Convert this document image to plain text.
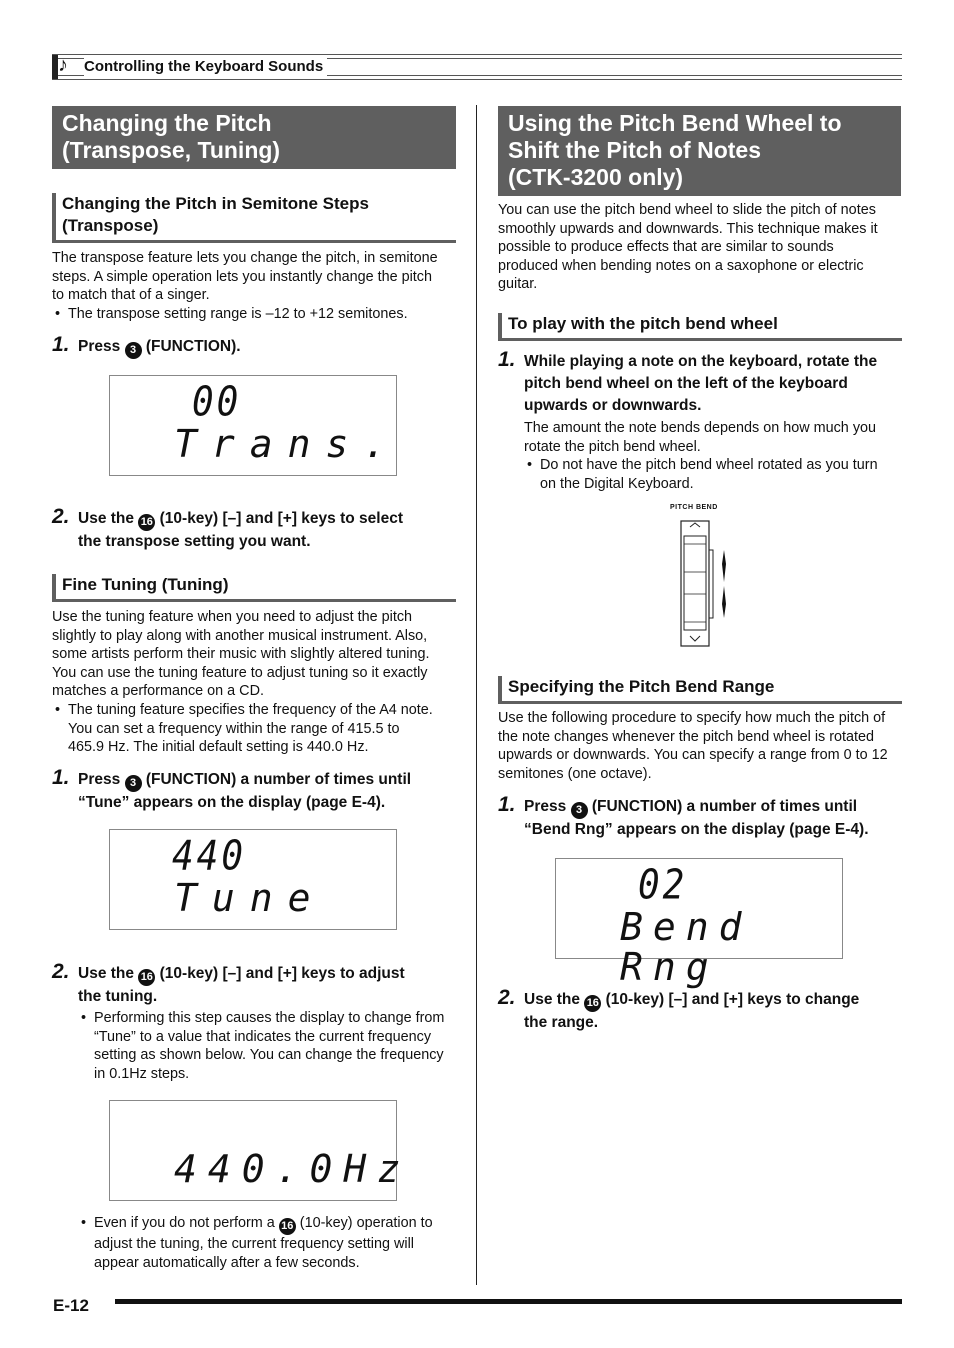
♪ Controlling the Keyboard Sounds
Changing the Pitch
(Transpose, Tuning)
Changing the Pitch in Semitone Steps
(Transpose)
The transpose feature lets you change the pitch, in semitone
steps. A simple operation lets you instantly change the pitch
to match that of a singer.
• The transpose setting range is –12 to +12 semitones.
1. Press 3 (FUNCTION).
00
Trans.
2. Use the 16 (10-key) [–] and [+] keys to select
the transpose setting you want.
Fine Tuning (Tuning)
Use the tuning feature when you need to adjust the pitch
slightly to play along with another musical instrument. Also,
some artists perform their music with slightly altered tuning.
You can use the tuning feature to adjust tuning so it exactly
matches a performance on a CD.
• The tuning feature specifies the frequency of the A4 note.
You can set a frequency within the range of 415.5 to
465.9 Hz. The initial default setting is 440.0 Hz.
1. Press 3 (FUNCTION) a number of times until
“Tune” appears on the display (page E-4).
440
Tune
2. Use the 16 (10-key) [–] and [+] keys to adjust
the tuning.
• Performing this step causes the display to change from
“Tune” to a value that indicates the current frequency
setting as shown below. You can change the frequency
in 0.1Hz steps.
440.0Hz
• Even if you do not perform a 16 (10-key) operation to
adjust the tuning, the current frequency setting will
appear automatically after a few seconds.
Using the Pitch Bend Wheel to
Shift the Pitch of Notes
(CTK-3200 only)
You can use the pitch bend wheel to slide the pitch of notes
smoothly upwards and downwards. This technique makes it
possible to produce effects that are similar to sounds
produced when bending notes on a saxophone or electric
guitar.
To play with the pitch bend wheel
1. While playing a note on the keyboard, rotate the
pitch bend wheel on the left of the keyboard
upwards or downwards.
The amount the note bends depends on how much you
rotate the pitch bend wheel.
• Do not have the pitch bend wheel rotated as you turn
on the Digital Keyboard.
PITCH BEND
Specifying the Pitch Bend Range
Use the following procedure to specify how much the pitch of
the note changes whenever the pitch bend wheel is rotated
upwards or downwards. You can specify a range from 0 to 12
semitones (one octave).
1. Press 3 (FUNCTION) a number of times until
“Bend Rng” appears on the display (page E-4).
02
Bend Rng
2. Use the 16 (10-key) [–] and [+] keys to change
the range.
E-12
